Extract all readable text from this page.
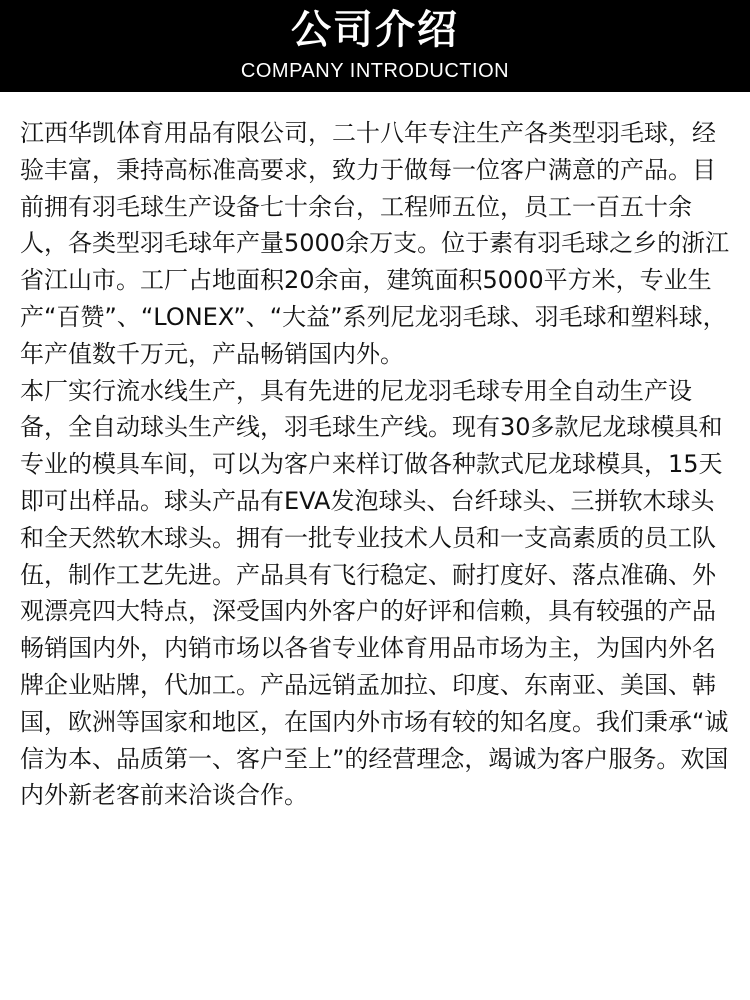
公司介绍
COMPANY INTRODUCTION

江西华凯体育用品有限公司，二十八年专注生产各类型羽毛球，经验丰富，秉持高标准高要求，致力于做每一位客户满意的产品。目前拥有羽毛球生产设备七十余台，工程师五位，员工一百五十余人，各类型羽毛球年产量5000余万支。位于素有羽毛球之乡的浙江省江山市。工厂占地面积20余亩，建筑面积5000平方米，专业生产“百赞”、“LONEX”、“大益”系列尼龙羽毛球、羽毛球和塑料球，年产值数千万元，产品畅销国内外。

本厂实行流水线生产，具有先进的尼龙羽毛球专用全自动生产设备，全自动球头生产线，羽毛球生产线。现有30多款尼龙球模具和专业的模具车间，可以为客户来样订做各种款式尼龙球模具，15天即可出样品。球头产品有EVA发泡球头、台纤球头、三拼软木球头和全天然软木球头。拥有一批专业技术人员和一支高素质的员工队伍，制作工艺先进。产品具有飞行稳定、耐打度好、落点准确、外观漂亮四大特点，深受国内外客户的好评和信赖，具有较强的产品畅销国内外，内销市场以各省专业体育用品市场为主，为国内外名牌企业贴牌，代加工。产品远销孟加拉、印度、东南亚、美国、韩国，欧洲等国家和地区，在国内外市场有较的知名度。我们秉承“诚信为本、品质第一、客户至上”的经营理念，竭诚为客户服务。欢国内外新老客前来洽谈合作。
